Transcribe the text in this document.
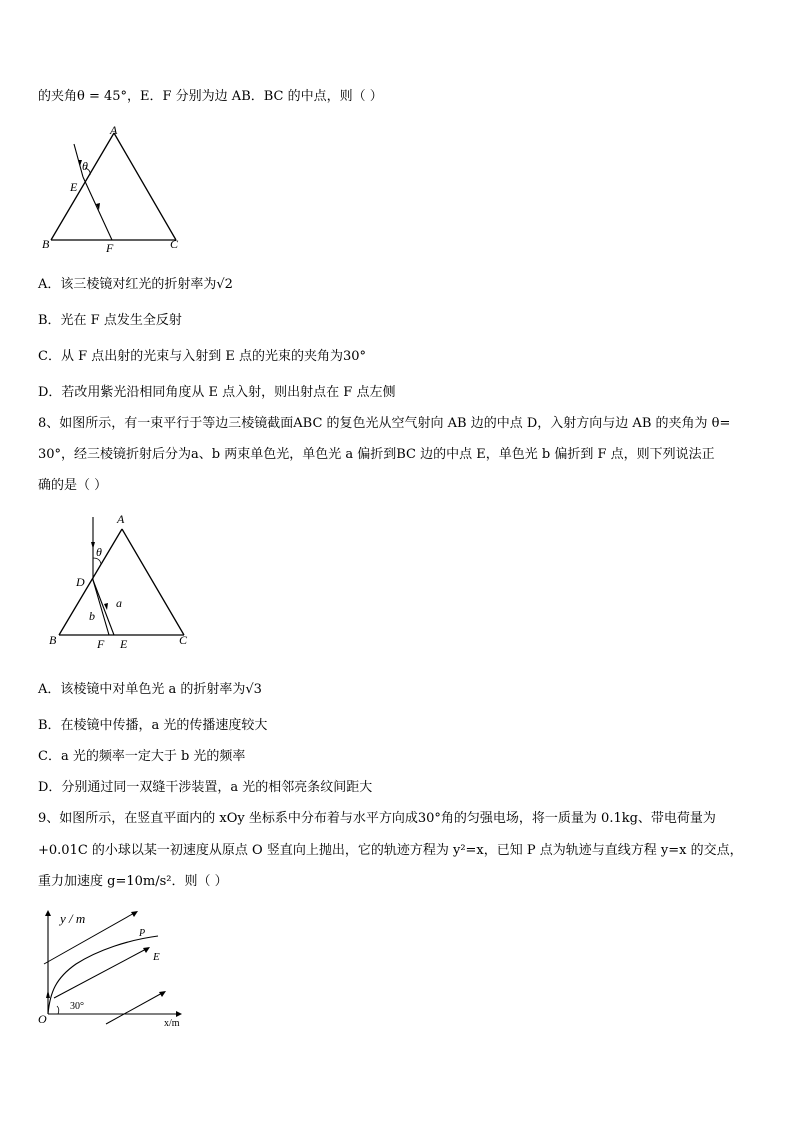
的夹角θ = 45°，E．F 分别为边 AB．BC 的中点，则（ ）
A
B	C
E
F
θ
A．该三棱镜对红光的折射率为√2
B．光在 F 点发生全反射
C．从 F 点出射的光束与入射到 E 点的光束的夹角为30°
D．若改用紫光沿相同角度从 E 点入射，则出射点在 F 点左侧
8、如图所示，有一束平行于等边三棱镜截面ABC 的复色光从空气射向 AB 边的中点 D，入射方向与边 AB 的夹角为 θ=
30°，经三棱镜折射后分为a、b 两束单色光，单色光 a 偏折到BC 边的中点 E，单色光 b 偏折到 F 点，则下列说法正
确的是（ ）
A
B	C
D
F E
a
b
θ
A．该棱镜中对单色光 a 的折射率为√3
B．在棱镜中传播，a 光的传播速度较大
C．a 光的频率一定大于 b 光的频率
D．分别通过同一双缝干涉装置，a 光的相邻亮条纹间距大
9、如图所示，在竖直平面内的 xOy 坐标系中分布着与水平方向成30°角的匀强电场，将一质量为 0.1kg、带电荷量为
+0.01C 的小球以某一初速度从原点 O 竖直向上抛出，它的轨迹方程为 y²=x，已知 P 点为轨迹与直线方程 y=x 的交点，
重力加速度 g=10m/s²．则（ ）
y / m
x/m
O
P
E
30°
